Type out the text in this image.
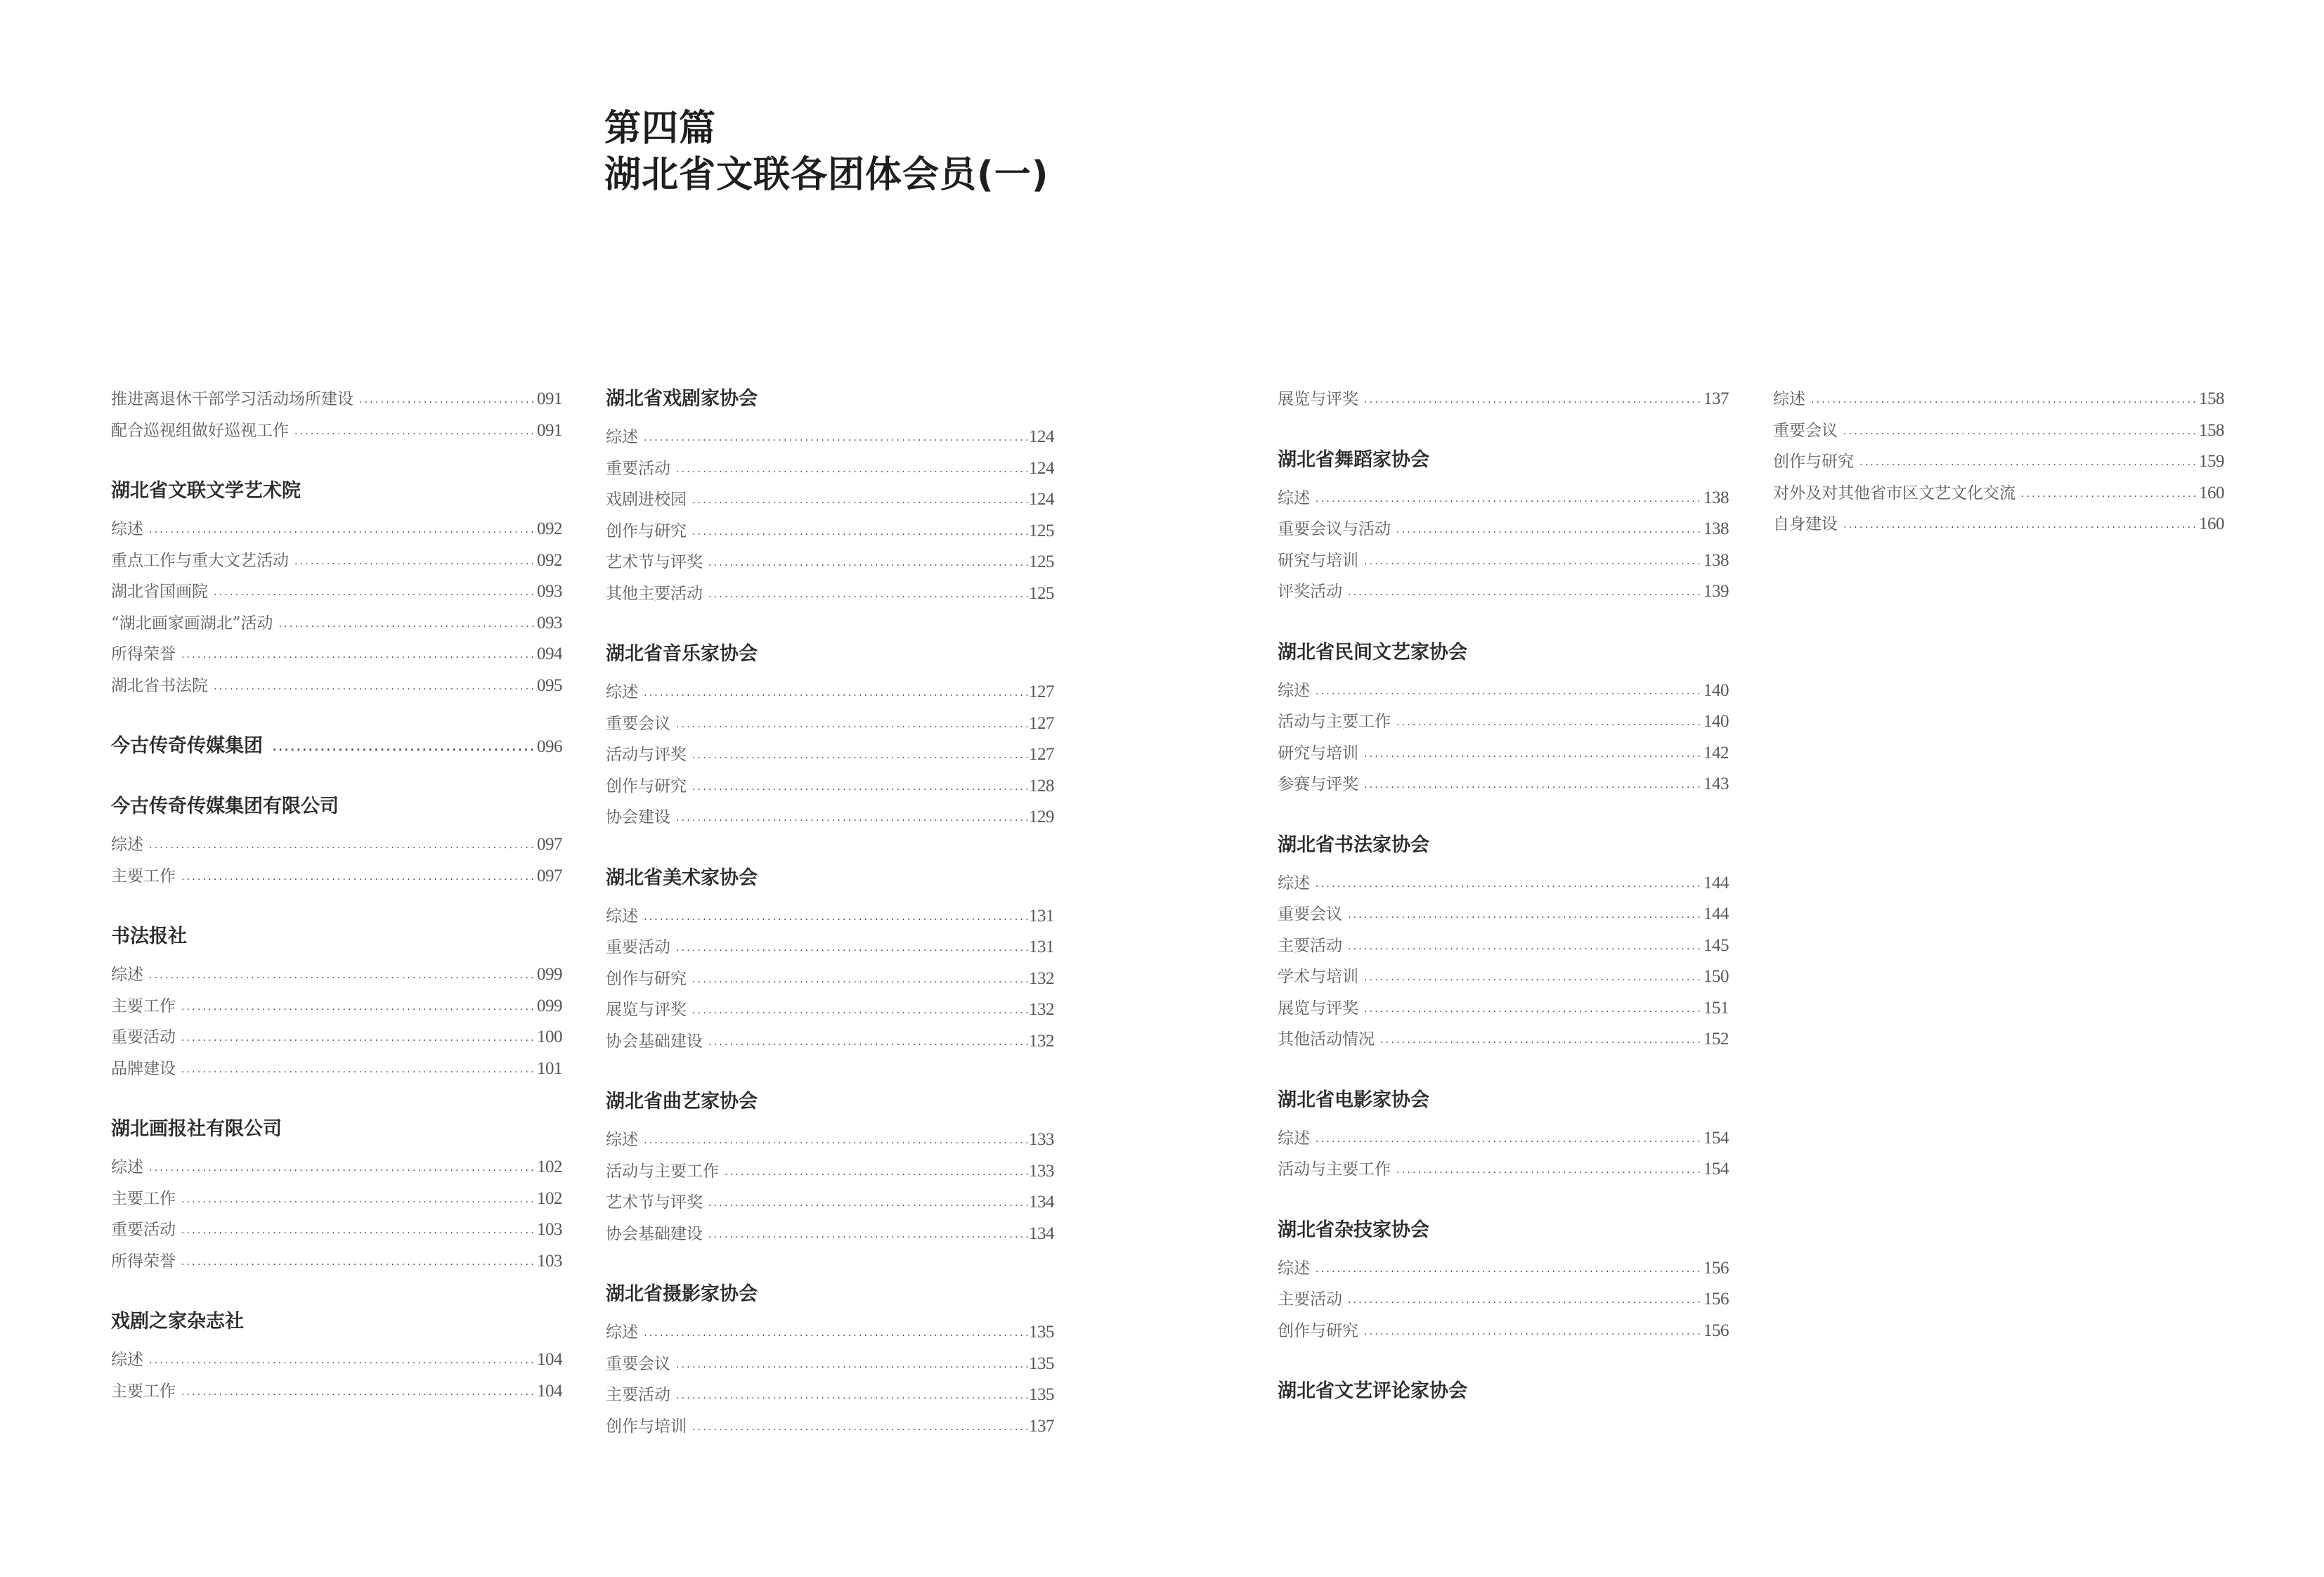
第四篇
湖北省文联各团体会员(一)
推进离退休干部学习活动场所建设 .....	091
配合巡视组做好巡视工作 .....	091
湖北省文联文学艺术院
综述 .....	092
重点工作与重大文艺活动 .....	092
湖北省国画院 .....	093
“湖北画家画湖北”活动 .....	093
所得荣誉 .....	094
湖北省书法院 .....	095
今古传奇传媒集团 .....	096
今古传奇传媒集团有限公司
综述 .....	097
主要工作 .....	097
书法报社
综述 .....	099
主要工作 .....	099
重要活动 .....	100
品牌建设 .....	101
湖北画报社有限公司
综述 .....	102
主要工作 .....	102
重要活动 .....	103
所得荣誉 .....	103
戏剧之家杂志社
综述 .....	104
主要工作 .....	104
湖北省戏剧家协会
综述 .....	124
重要活动 .....	124
戏剧进校园 .....	124
创作与研究 .....	125
艺术节与评奖 .....	125
其他主要活动 .....	125
湖北省音乐家协会
综述 .....	127
重要会议 .....	127
活动与评奖 .....	127
创作与研究 .....	128
协会建设 .....	129
湖北省美术家协会
综述 .....	131
重要活动 .....	131
创作与研究 .....	132
展览与评奖 .....	132
协会基础建设 .....	132
湖北省曲艺家协会
综述 .....	133
活动与主要工作 .....	133
艺术节与评奖 .....	134
协会基础建设 .....	134
湖北省摄影家协会
综述 .....	135
重要会议 .....	135
主要活动 .....	135
创作与培训 .....	137
展览与评奖 .....	137
湖北省舞蹈家协会
综述 .....	138
重要会议与活动 .....	138
研究与培训 .....	138
评奖活动 .....	139
湖北省民间文艺家协会
综述 .....	140
活动与主要工作 .....	140
研究与培训 .....	142
参赛与评奖 .....	143
湖北省书法家协会
综述 .....	144
重要会议 .....	144
主要活动 .....	145
学术与培训 .....	150
展览与评奖 .....	151
其他活动情况 .....	152
湖北省电影家协会
综述 .....	154
活动与主要工作 .....	154
湖北省杂技家协会
综述 .....	156
主要活动 .....	156
创作与研究 .....	156
湖北省文艺评论家协会
综述 .....	158
重要会议 .....	158
创作与研究 .....	159
对外及对其他省市区文艺文化交流 .....	160
自身建设 .....	160
